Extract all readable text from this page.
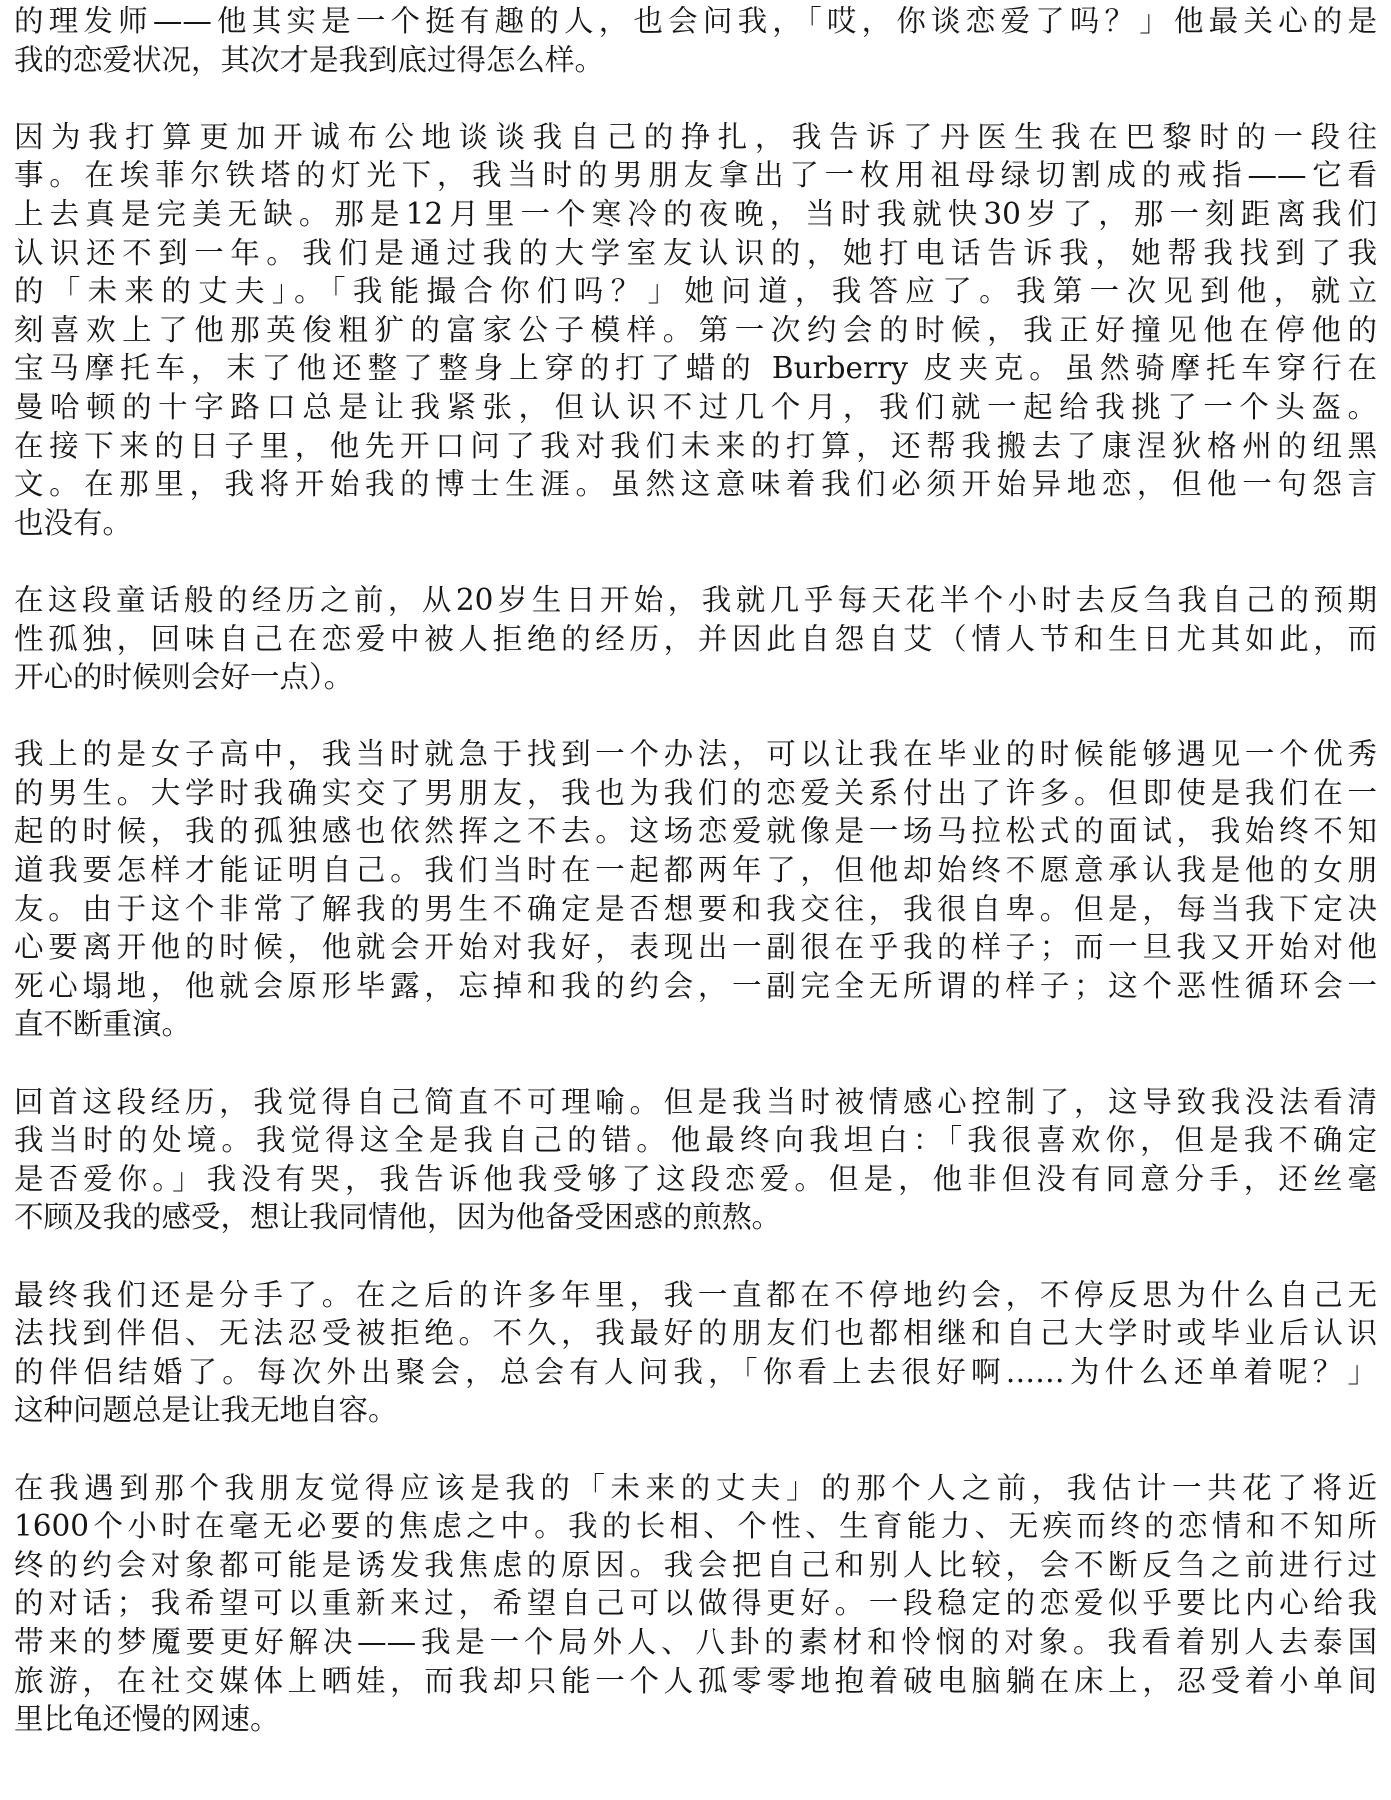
的理发师——他其实是一个挺有趣的人，也会问我，「哎，你谈恋爱了吗？」他最关心的是
我的恋爱状况，其次才是我到底过得怎么样。
因为我打算更加开诚布公地谈谈我自己的挣扎，我告诉了丹医生我在巴黎时的一段往
事。在埃菲尔铁塔的灯光下，我当时的男朋友拿出了一枚用祖母绿切割成的戒指——它看
上去真是完美无缺。那是12月里一个寒冷的夜晚，当时我就快30岁了，那一刻距离我们
认识还不到一年。我们是通过我的大学室友认识的，她打电话告诉我，她帮我找到了我
的「未来的丈夫」。「我能撮合你们吗？」她问道，我答应了。我第一次见到他，就立
刻喜欢上了他那英俊粗犷的富家公子模样。第一次约会的时候，我正好撞见他在停他的
宝马摩托车，末了他还整了整身上穿的打了蜡的 Burberry 皮夹克。虽然骑摩托车穿行在
曼哈顿的十字路口总是让我紧张，但认识不过几个月，我们就一起给我挑了一个头盔。
在接下来的日子里，他先开口问了我对我们未来的打算，还帮我搬去了康涅狄格州的纽黑
文。在那里，我将开始我的博士生涯。虽然这意味着我们必须开始异地恋，但他一句怨言
也没有。
在这段童话般的经历之前，从20岁生日开始，我就几乎每天花半个小时去反刍我自己的预期
性孤独，回味自己在恋爱中被人拒绝的经历，并因此自怨自艾（情人节和生日尤其如此，而
开心的时候则会好一点）。
我上的是女子高中，我当时就急于找到一个办法，可以让我在毕业的时候能够遇见一个优秀
的男生。大学时我确实交了男朋友，我也为我们的恋爱关系付出了许多。但即使是我们在一
起的时候，我的孤独感也依然挥之不去。这场恋爱就像是一场马拉松式的面试，我始终不知
道我要怎样才能证明自己。我们当时在一起都两年了，但他却始终不愿意承认我是他的女朋
友。由于这个非常了解我的男生不确定是否想要和我交往，我很自卑。但是，每当我下定决
心要离开他的时候，他就会开始对我好，表现出一副很在乎我的样子；而一旦我又开始对他
死心塌地，他就会原形毕露，忘掉和我的约会，一副完全无所谓的样子；这个恶性循环会一
直不断重演。
回首这段经历，我觉得自己简直不可理喻。但是我当时被情感心控制了，这导致我没法看清
我当时的处境。我觉得这全是我自己的错。他最终向我坦白：「我很喜欢你，但是我不确定
是否爱你。」我没有哭，我告诉他我受够了这段恋爱。但是，他非但没有同意分手，还丝毫
不顾及我的感受，想让我同情他，因为他备受困惑的煎熬。
最终我们还是分手了。在之后的许多年里，我一直都在不停地约会，不停反思为什么自己无
法找到伴侣、无法忍受被拒绝。不久，我最好的朋友们也都相继和自己大学时或毕业后认识
的伴侣结婚了。每次外出聚会，总会有人问我，「你看上去很好啊……为什么还单着呢？」
这种问题总是让我无地自容。
在我遇到那个我朋友觉得应该是我的「未来的丈夫」的那个人之前，我估计一共花了将近
1600个小时在毫无必要的焦虑之中。我的长相、个性、生育能力、无疾而终的恋情和不知所
终的约会对象都可能是诱发我焦虑的原因。我会把自己和别人比较，会不断反刍之前进行过
的对话；我希望可以重新来过，希望自己可以做得更好。一段稳定的恋爱似乎要比内心给我
带来的梦魇要更好解决——我是一个局外人、八卦的素材和怜悯的对象。我看着别人去泰国
旅游，在社交媒体上晒娃，而我却只能一个人孤零零地抱着破电脑躺在床上，忍受着小单间
里比龟还慢的网速。
